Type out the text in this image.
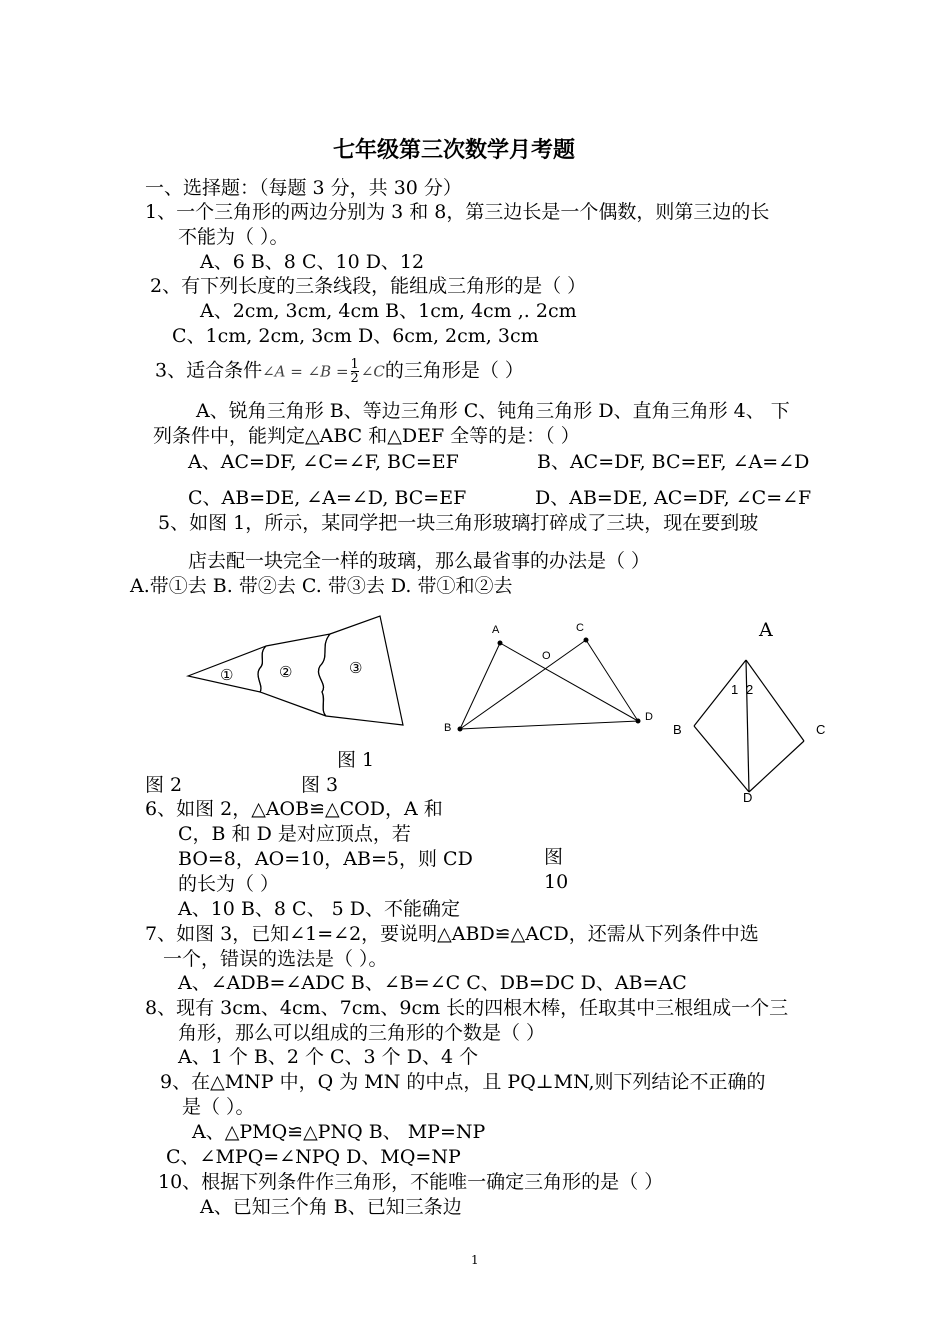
七年级第三次数学月考题
一、选择题：（每题 3 分，共 30 分）
1、一个三角形的两边分别为 3 和 8，第三边长是一个偶数，则第三边的长
不能为（ ）。
A、6 B、8 C、10 D、12
2、有下列长度的三条线段，能组成三角形的是（ ）
A、2cm, 3cm, 4cm B、1cm, 4cm ,. 2cm
C、1cm, 2cm, 3cm D、6cm, 2cm, 3cm
3、适合条件∠A = ∠B = $\frac{1}{2}$ ∠C的三角形是（ ）
A、锐角三角形 B、等边三角形 C、钝角三角形 D、直角三角形 4、 下
列条件中，能判定△ABC 和△DEF 全等的是：（ ）
A、AC=DF, ∠C=∠F, BC=EF	B、AC=DF, BC=EF, ∠A=∠D
C、AB=DE, ∠A=∠D, BC=EF	D、AB=DE, AC=DF, ∠C=∠F
5、如图 1，所示，某同学把一块三角形玻璃打碎成了三块，现在要到玻
店去配一块完全一样的玻璃，那么最省事的办法是（ ）
A.带①去 B. 带②去 C. 带③去 D. 带①和②去
①	②	③
A	C
O
B
D
A
1 2
B	C
D
图 1
图 2	图 3
6、如图 2，△AOB≌△COD，A 和
C，B 和 D 是对应顶点，若
BO=8，AO=10，AB=5，则 CD
的长为（ ）
图
10
A、10 B、8 C、 5 D、不能确定
7、如图 3，已知∠1=∠2，要说明△ABD≌△ACD，还需从下列条件中选
一个，错误的选法是（ ）。
A、∠ADB=∠ADC B、∠B=∠C C、DB=DC D、AB=AC
8、现有 3cm、4cm、7cm、9cm 长的四根木棒，任取其中三根组成一个三
角形，那么可以组成的三角形的个数是（ ）
A、1 个 B、2 个 C、3 个 D、4 个
9、在△MNP 中，Q 为 MN 的中点，且 PQ⊥MN,则下列结论不正确的
是（ ）。
A、△PMQ≌△PNQ B、 MP=NP
C、∠MPQ=∠NPQ D、MQ=NP
10、根据下列条件作三角形，不能唯一确定三角形的是（ ）
A、已知三个角 B、已知三条边
1
